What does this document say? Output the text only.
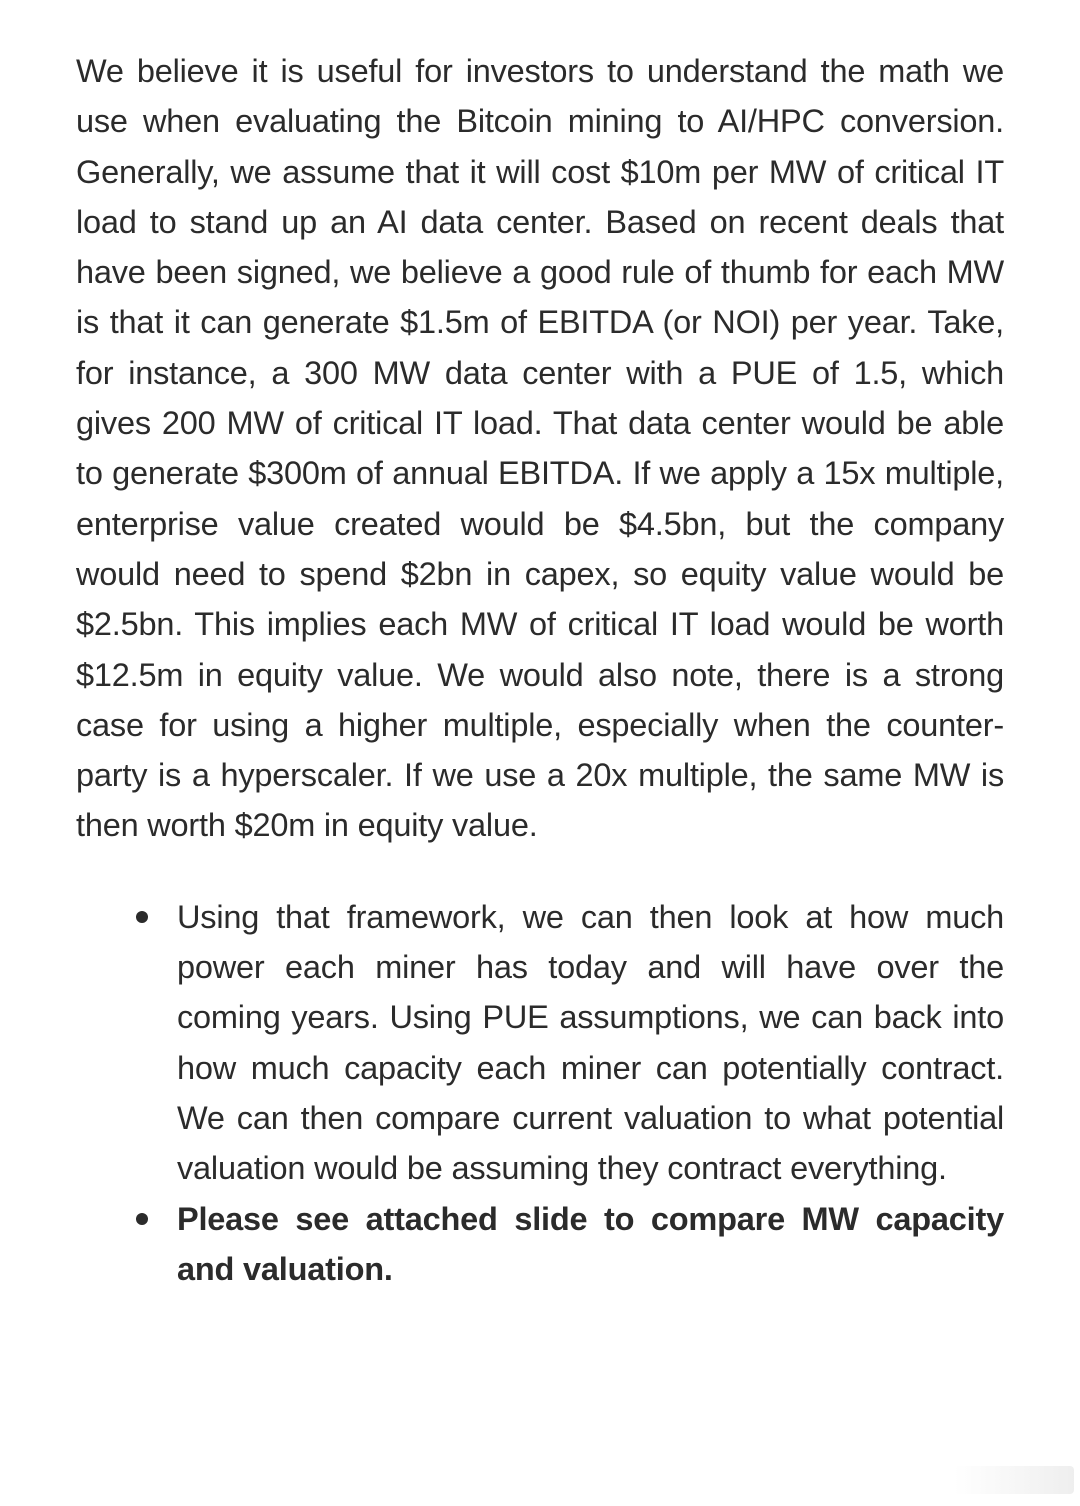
We believe it is useful for investors to understand the math we use when evaluating the Bitcoin mining to AI/HPC conversion. Generally, we assume that it will cost $10m per MW of critical IT load to stand up an AI data center. Based on recent deals that have been signed, we believe a good rule of thumb for each MW is that it can generate $1.5m of EBITDA (or NOI) per year. Take, for instance, a 300 MW data center with a PUE of 1.5, which gives 200 MW of critical IT load. That data center would be able to generate $300m of annual EBITDA. If we apply a 15x multiple, enterprise value created would be $4.5bn, but the company would need to spend $2bn in capex, so equity value would be $2.5bn. This implies each MW of critical IT load would be worth $12.5m in equity value. We would also note, there is a strong case for using a higher multiple, especially when the counter-party is a hyperscaler. If we use a 20x multiple, the same MW is then worth $20m in equity value.

Using that framework, we can then look at how much power each miner has today and will have over the coming years. Using PUE assumptions, we can back into how much capacity each miner can potentially contract. We can then compare current valuation to what potential valuation would be assuming they contract everything.
Please see attached slide to compare MW capacity and valuation.
